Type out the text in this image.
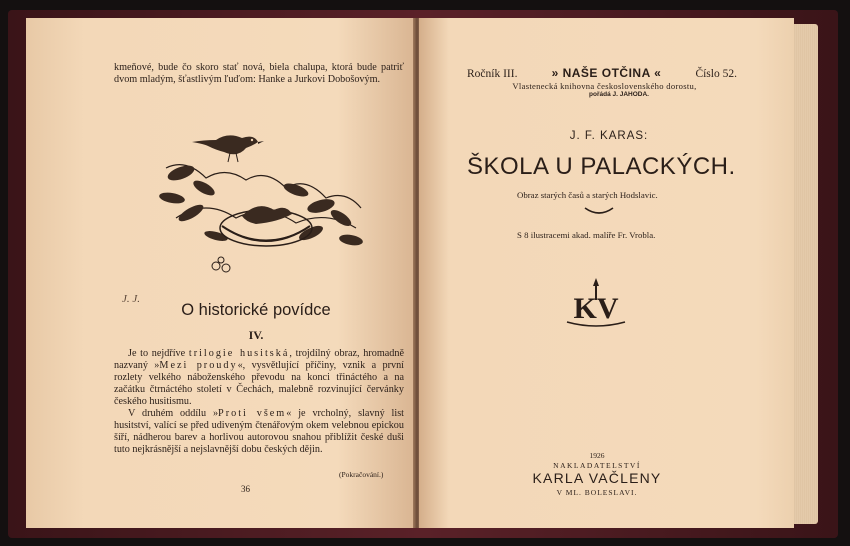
kmeňové, bude čo skoro stať nová, biela chalupa, ktorá bude patriť dvom mladým, šťastlivým ľuďom: Hanke a Jurkovi Dobošovým.
J. J.
O historické povídce
IV.

Je to nejdříve trilogie husitská, trojdílný obraz, hromadně nazvaný »Mezi proudy«, vysvětlující příčiny, vznik a první rozlety velkého náboženského převodu na konci třináctého a na začátku čtrnáctého století v Čechách, malebně rozvinující červánky českého husitismu.

V druhém oddílu »Proti všem« je vrcholný, slavný list husitství, valící se před udiveným čtenářovým okem velebnou epickou šíří, nádherou barev a horlivou autorovou snahou přiblížit české duši tuto nejkrásnější a nejslavnější dobu českých dějin.

(Pokračování.)
36
Ročník III.	» NAŠE OTČINA «	Číslo 52.
Vlastenecká knihovna československého dorostu,
pořádá J. JAHODA.
J. F. KARAS:
ŠKOLA U PALACKÝCH.
Obraz starých časů a starých Hodslavic.
S 8 ilustracemi akad. malíře Fr. Vrobla.
KV
1926
NAKLADATELSTVÍ
KARLA VAČLENY
V ML. BOLESLAVI.
